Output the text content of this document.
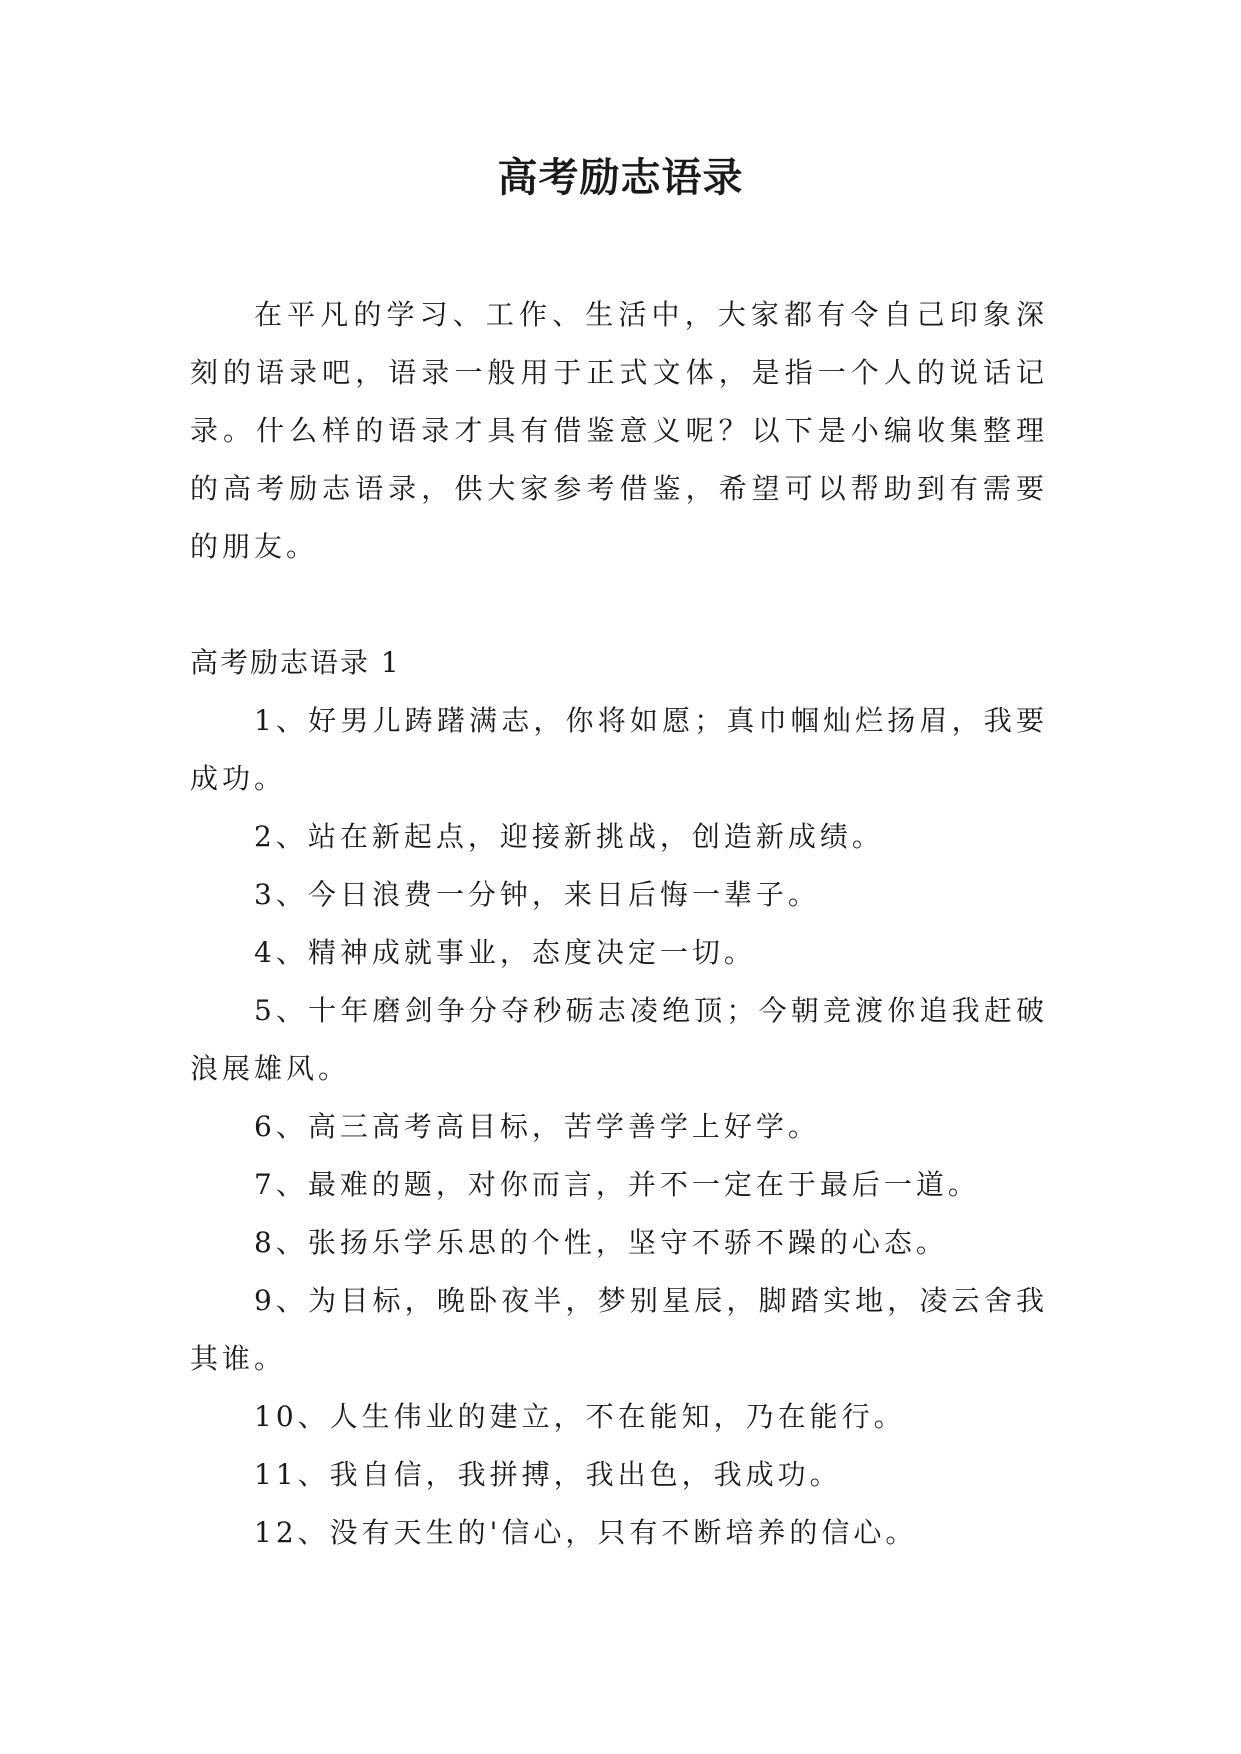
高考励志语录

在平凡的学习、工作、生活中，大家都有令自己印象深刻的语录吧，语录一般用于正式文体，是指一个人的说话记录。什么样的语录才具有借鉴意义呢？以下是小编收集整理的高考励志语录，供大家参考借鉴，希望可以帮助到有需要的朋友。

高考励志语录 1

1、好男儿踌躇满志，你将如愿；真巾帼灿烂扬眉，我要成功。

2、站在新起点，迎接新挑战，创造新成绩。

3、今日浪费一分钟，来日后悔一辈子。

4、精神成就事业，态度决定一切。

5、十年磨剑争分夺秒砺志凌绝顶；今朝竞渡你追我赶破浪展雄风。

6、高三高考高目标，苦学善学上好学。

7、最难的题，对你而言，并不一定在于最后一道。

8、张扬乐学乐思的个性，坚守不骄不躁的心态。

9、为目标，晚卧夜半，梦别星辰，脚踏实地，凌云舍我其谁。

10、人生伟业的建立，不在能知，乃在能行。

11、我自信，我拼搏，我出色，我成功。

12、没有天生的'信心，只有不断培养的信心。
